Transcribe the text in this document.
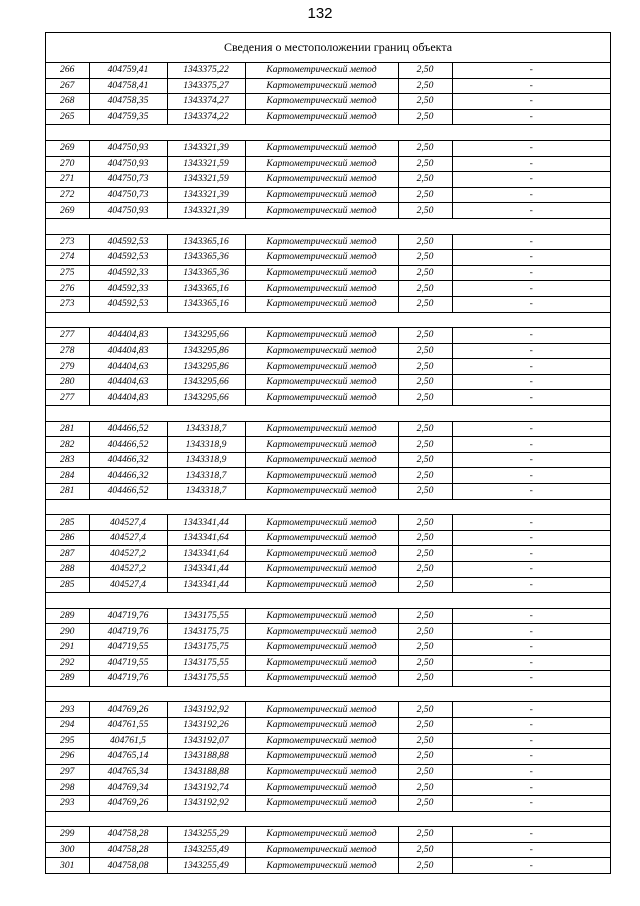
132
Сведения о местоположении границ объекта
266	404759,41	1343375,22	Картометрический метод	2,50	-
267	404758,41	1343375,27	Картометрический метод	2,50	-
268	404758,35	1343374,27	Картометрический метод	2,50	-
265	404759,35	1343374,22	Картометрический метод	2,50	-

269	404750,93	1343321,39	Картометрический метод	2,50	-
270	404750,93	1343321,59	Картометрический метод	2,50	-
271	404750,73	1343321,59	Картометрический метод	2,50	-
272	404750,73	1343321,39	Картометрический метод	2,50	-
269	404750,93	1343321,39	Картометрический метод	2,50	-

273	404592,53	1343365,16	Картометрический метод	2,50	-
274	404592,53	1343365,36	Картометрический метод	2,50	-
275	404592,33	1343365,36	Картометрический метод	2,50	-
276	404592,33	1343365,16	Картометрический метод	2,50	-
273	404592,53	1343365,16	Картометрический метод	2,50	-

277	404404,83	1343295,66	Картометрический метод	2,50	-
278	404404,83	1343295,86	Картометрический метод	2,50	-
279	404404,63	1343295,86	Картометрический метод	2,50	-
280	404404,63	1343295,66	Картометрический метод	2,50	-
277	404404,83	1343295,66	Картометрический метод	2,50	-

281	404466,52	1343318,7	Картометрический метод	2,50	-
282	404466,52	1343318,9	Картометрический метод	2,50	-
283	404466,32	1343318,9	Картометрический метод	2,50	-
284	404466,32	1343318,7	Картометрический метод	2,50	-
281	404466,52	1343318,7	Картометрический метод	2,50	-

285	404527,4	1343341,44	Картометрический метод	2,50	-
286	404527,4	1343341,64	Картометрический метод	2,50	-
287	404527,2	1343341,64	Картометрический метод	2,50	-
288	404527,2	1343341,44	Картометрический метод	2,50	-
285	404527,4	1343341,44	Картометрический метод	2,50	-

289	404719,76	1343175,55	Картометрический метод	2,50	-
290	404719,76	1343175,75	Картометрический метод	2,50	-
291	404719,55	1343175,75	Картометрический метод	2,50	-
292	404719,55	1343175,55	Картометрический метод	2,50	-
289	404719,76	1343175,55	Картометрический метод	2,50	-

293	404769,26	1343192,92	Картометрический метод	2,50	-
294	404761,55	1343192,26	Картометрический метод	2,50	-
295	404761,5	1343192,07	Картометрический метод	2,50	-
296	404765,14	1343188,88	Картометрический метод	2,50	-
297	404765,34	1343188,88	Картометрический метод	2,50	-
298	404769,34	1343192,74	Картометрический метод	2,50	-
293	404769,26	1343192,92	Картометрический метод	2,50	-

299	404758,28	1343255,29	Картометрический метод	2,50	-
300	404758,28	1343255,49	Картометрический метод	2,50	-
301	404758,08	1343255,49	Картометрический метод	2,50	-
